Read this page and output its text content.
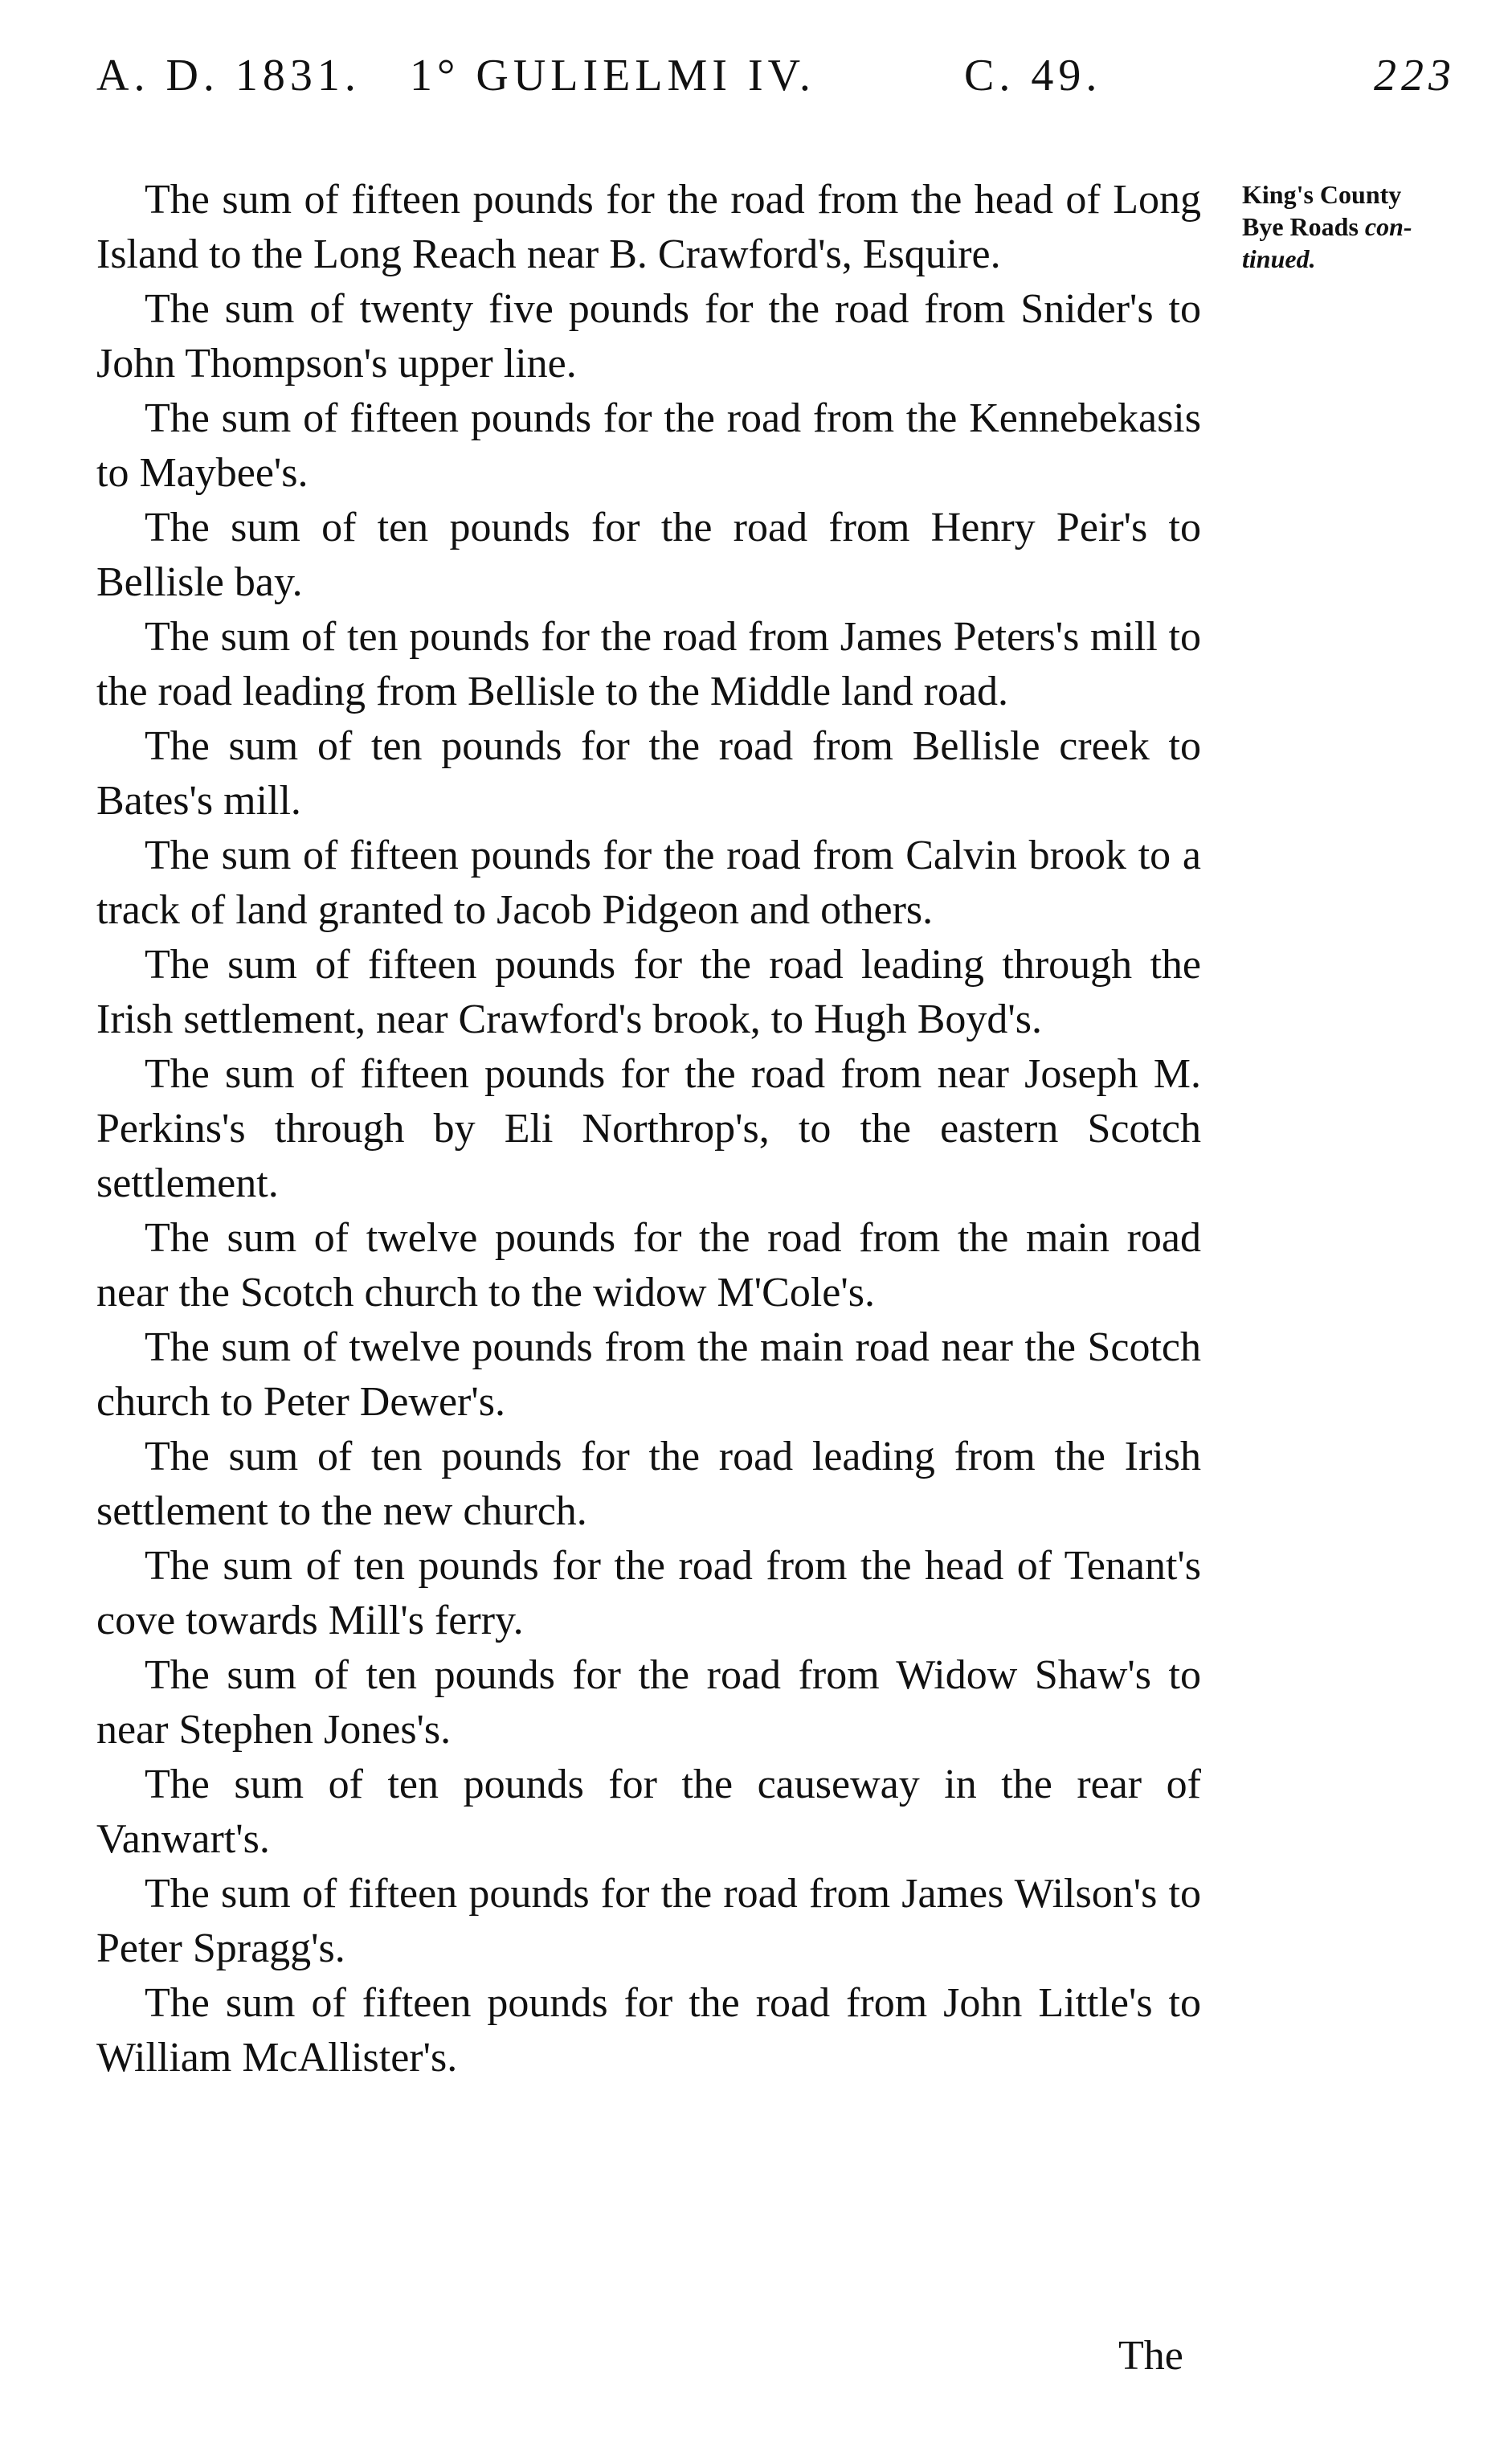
A. D. 1831. 1° GULIELMI IV.	C. 49.	223
King's County
Bye Roads con-
tinued.

The sum of fifteen pounds for the road from the head of Long Island to the Long Reach near B. Crawford's, Esquire.

The sum of twenty five pounds for the road from Snider's to John Thompson's upper line.

The sum of fifteen pounds for the road from the Kennebekasis to Maybee's.

The sum of ten pounds for the road from Henry Peir's to Bellisle bay.

The sum of ten pounds for the road from James Peters's mill to the road leading from Bellisle to the Middle land road.

The sum of ten pounds for the road from Bellisle creek to Bates's mill.

The sum of fifteen pounds for the road from Calvin brook to a track of land granted to Jacob Pidgeon and others.

The sum of fifteen pounds for the road leading through the Irish settlement, near Crawford's brook, to Hugh Boyd's.

The sum of fifteen pounds for the road from near Joseph M. Perkins's through by Eli Northrop's, to the eastern Scotch settlement.

The sum of twelve pounds for the road from the main road near the Scotch church to the widow M'Cole's.

The sum of twelve pounds from the main road near the Scotch church to Peter Dewer's.

The sum of ten pounds for the road leading from the Irish settlement to the new church.

The sum of ten pounds for the road from the head of Tenant's cove towards Mill's ferry.

The sum of ten pounds for the road from Widow Shaw's to near Stephen Jones's.

The sum of ten pounds for the causeway in the rear of Vanwart's.

The sum of fifteen pounds for the road from James Wilson's to Peter Spragg's.

The sum of fifteen pounds for the road from John Little's to William McAllister's.

The
